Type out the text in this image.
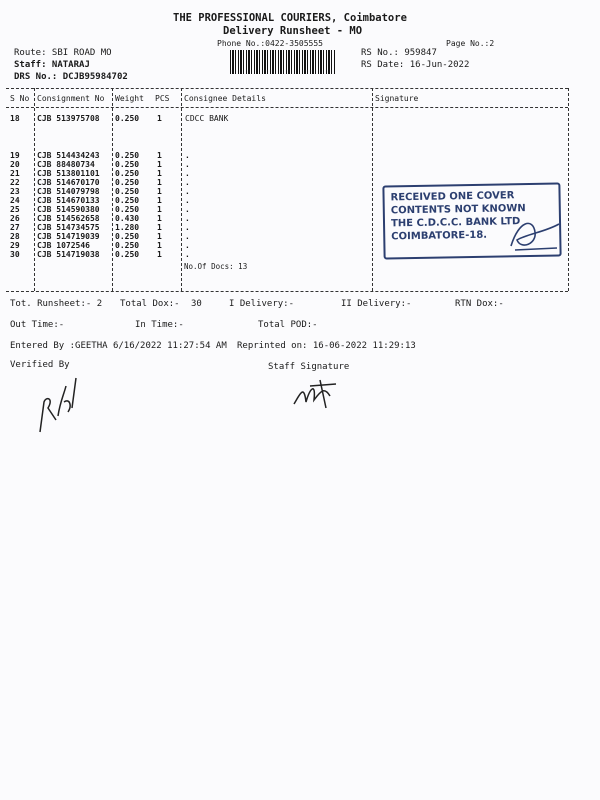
THE PROFESSIONAL COURIERS, Coimbatore
Delivery Runsheet - MO
Phone No.:0422-3505555	Page No.:2
Route: SBI ROAD MO
Staff: NATARAJ
DRS No.: DCJB95984702
RS No.: 959847
RS Date: 16-Jun-2022
S No Consignment No Weight PCS Consignee Details	Signature
18 CJB 513975708 0.250 1	CDCC BANK
19 CJB 514434243 0.250 1	.
20 CJB 88480734	0.250 1	.
21 CJB 513801101 0.250 1	.
22 CJB 514670170 0.250 1	.
23 CJB 514079798 0.250 1	.
24 CJB 514670133 0.250 1	.
25 CJB 514590380 0.250 1	.
26 CJB 514562658 0.430 1	.
27 CJB 514734575 1.280 1	.
28 CJB 514719039 0.250 1	.
29 CJB 1072546	0.250 1	.
30 CJB 514719038 0.250 1	.
No.Of Docs: 13
RECEIVED ONE COVER
CONTENTS NOT KNOWN
THE C.D.C.C. BANK LTD
COIMBATORE-18.
Tot. Runsheet:- 2 Total Dox:- 30	I Delivery:-	II Delivery:-	RTN Dox:-
Out Time:-	In Time:-	Total POD:-
Entered By :GEETHA 6/16/2022 11:27:54 AM Reprinted on: 16-06-2022 11:29:13
Verified By	Staff Signature
